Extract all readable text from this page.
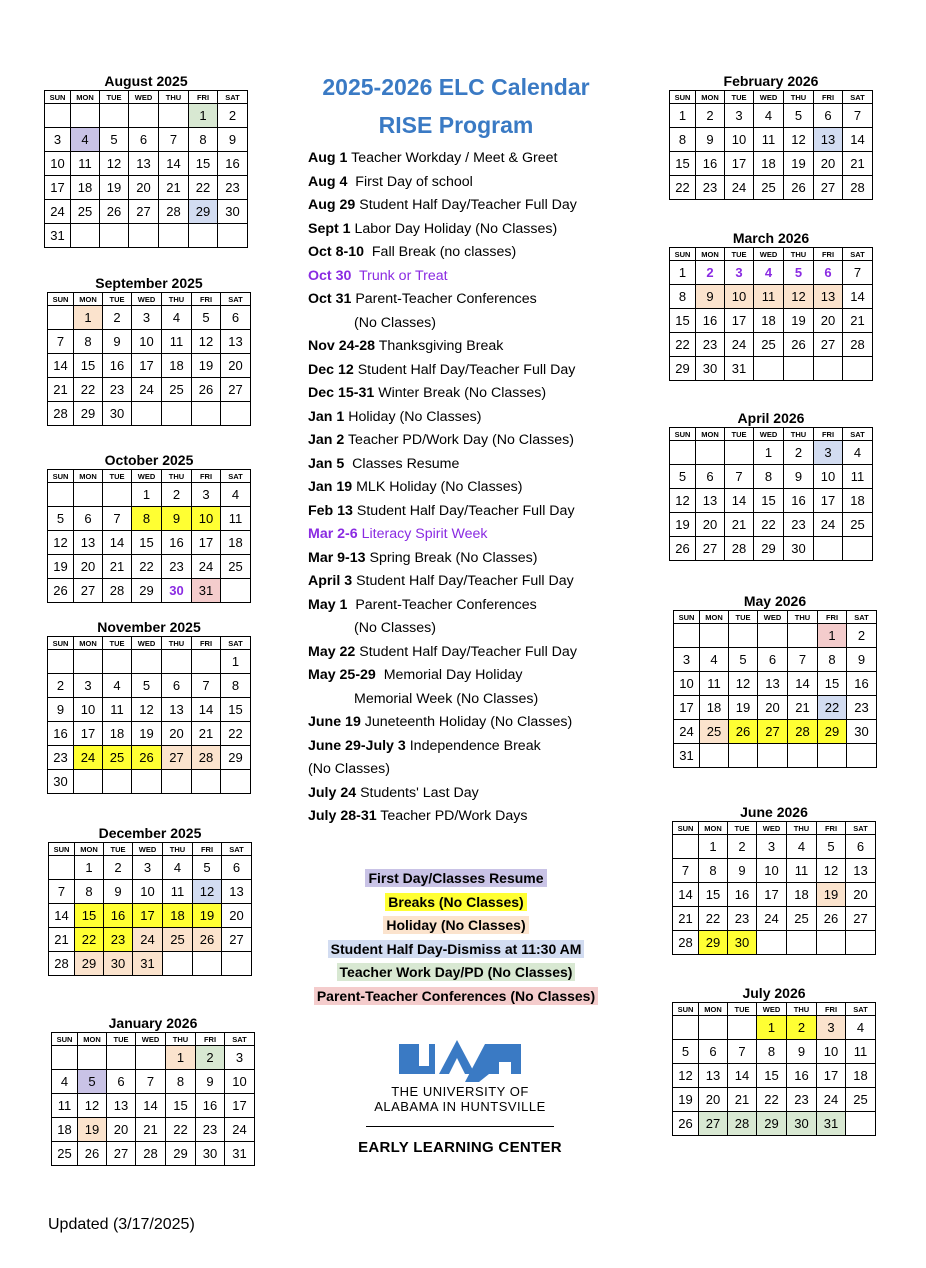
August 2025
SUN	MON	TUE	WED	THU	FRI	SAT
					1	2
3	4	5	6	7	8	9
10	11	12	13	14	15	16
17	18	19	20	21	22	23
24	25	26	27	28	29	30
31						
September 2025
SUN	MON	TUE	WED	THU	FRI	SAT
	1	2	3	4	5	6
7	8	9	10	11	12	13
14	15	16	17	18	19	20
21	22	23	24	25	26	27
28	29	30				
October 2025
SUN	MON	TUE	WED	THU	FRI	SAT
			1	2	3	4
5	6	7	8	9	10	11
12	13	14	15	16	17	18
19	20	21	22	23	24	25
26	27	28	29	30	31	
November 2025
SUN	MON	TUE	WED	THU	FRI	SAT
						1
2	3	4	5	6	7	8
9	10	11	12	13	14	15
16	17	18	19	20	21	22
23	24	25	26	27	28	29
30						
December 2025
SUN	MON	TUE	WED	THU	FRI	SAT
	1	2	3	4	5	6
7	8	9	10	11	12	13
14	15	16	17	18	19	20
21	22	23	24	25	26	27
28	29	30	31			
January 2026
SUN	MON	TUE	WED	THU	FRI	SAT
				1	2	3
4	5	6	7	8	9	10
11	12	13	14	15	16	17
18	19	20	21	22	23	24
25	26	27	28	29	30	31
February 2026
SUN	MON	TUE	WED	THU	FRI	SAT
1	2	3	4	5	6	7
8	9	10	11	12	13	14
15	16	17	18	19	20	21
22	23	24	25	26	27	28
March 2026
SUN	MON	TUE	WED	THU	FRI	SAT
1	2	3	4	5	6	7
8	9	10	11	12	13	14
15	16	17	18	19	20	21
22	23	24	25	26	27	28
29	30	31				
April 2026
SUN	MON	TUE	WED	THU	FRI	SAT
			1	2	3	4
5	6	7	8	9	10	11
12	13	14	15	16	17	18
19	20	21	22	23	24	25
26	27	28	29	30		
May 2026
SUN	MON	TUE	WED	THU	FRI	SAT
					1	2
3	4	5	6	7	8	9
10	11	12	13	14	15	16
17	18	19	20	21	22	23
24	25	26	27	28	29	30
31						
June 2026
SUN	MON	TUE	WED	THU	FRI	SAT
	1	2	3	4	5	6
7	8	9	10	11	12	13
14	15	16	17	18	19	20
21	22	23	24	25	26	27
28	29	30				
July 2026
SUN	MON	TUE	WED	THU	FRI	SAT
			1	2	3	4
5	6	7	8	9	10	11
12	13	14	15	16	17	18
19	20	21	22	23	24	25
26	27	28	29	30	31	
2025-2026 ELC Calendar
RISE Program
Aug 1 Teacher Workday / Meet & Greet
Aug 4  First Day of school
Aug 29 Student Half Day/Teacher Full Day
Sept 1 Labor Day Holiday (No Classes)
Oct 8-10  Fall Break (no classes)
Oct 30  Trunk or Treat
Oct 31 Parent-Teacher Conferences
(No Classes)
Nov 24-28 Thanksgiving Break
Dec 12 Student Half Day/Teacher Full Day
Dec 15-31 Winter Break (No Classes)
Jan 1 Holiday (No Classes)
Jan 2 Teacher PD/Work Day (No Classes)
Jan 5  Classes Resume
Jan 19 MLK Holiday (No Classes)
Feb 13 Student Half Day/Teacher Full Day
Mar 2-6 Literacy Spirit Week
Mar 9-13 Spring Break (No Classes)
April 3 Student Half Day/Teacher Full Day
May 1  Parent-Teacher Conferences
(No Classes)
May 22 Student Half Day/Teacher Full Day
May 25-29  Memorial Day Holiday
Memorial Week (No Classes)
June 19 Juneteenth Holiday (No Classes)
June 29-July 3 Independence Break
(No Classes)
July 24 Students' Last Day
July 28-31 Teacher PD/Work Days
First Day/Classes Resume
Breaks (No Classes)
Holiday (No Classes)
Student Half Day-Dismiss at 11:30 AM
Teacher Work Day/PD (No Classes)
Parent-Teacher Conferences (No Classes)
THE UNIVERSITY OF
ALABAMA IN HUNTSVILLE
EARLY LEARNING CENTER
Updated (3/17/2025)
